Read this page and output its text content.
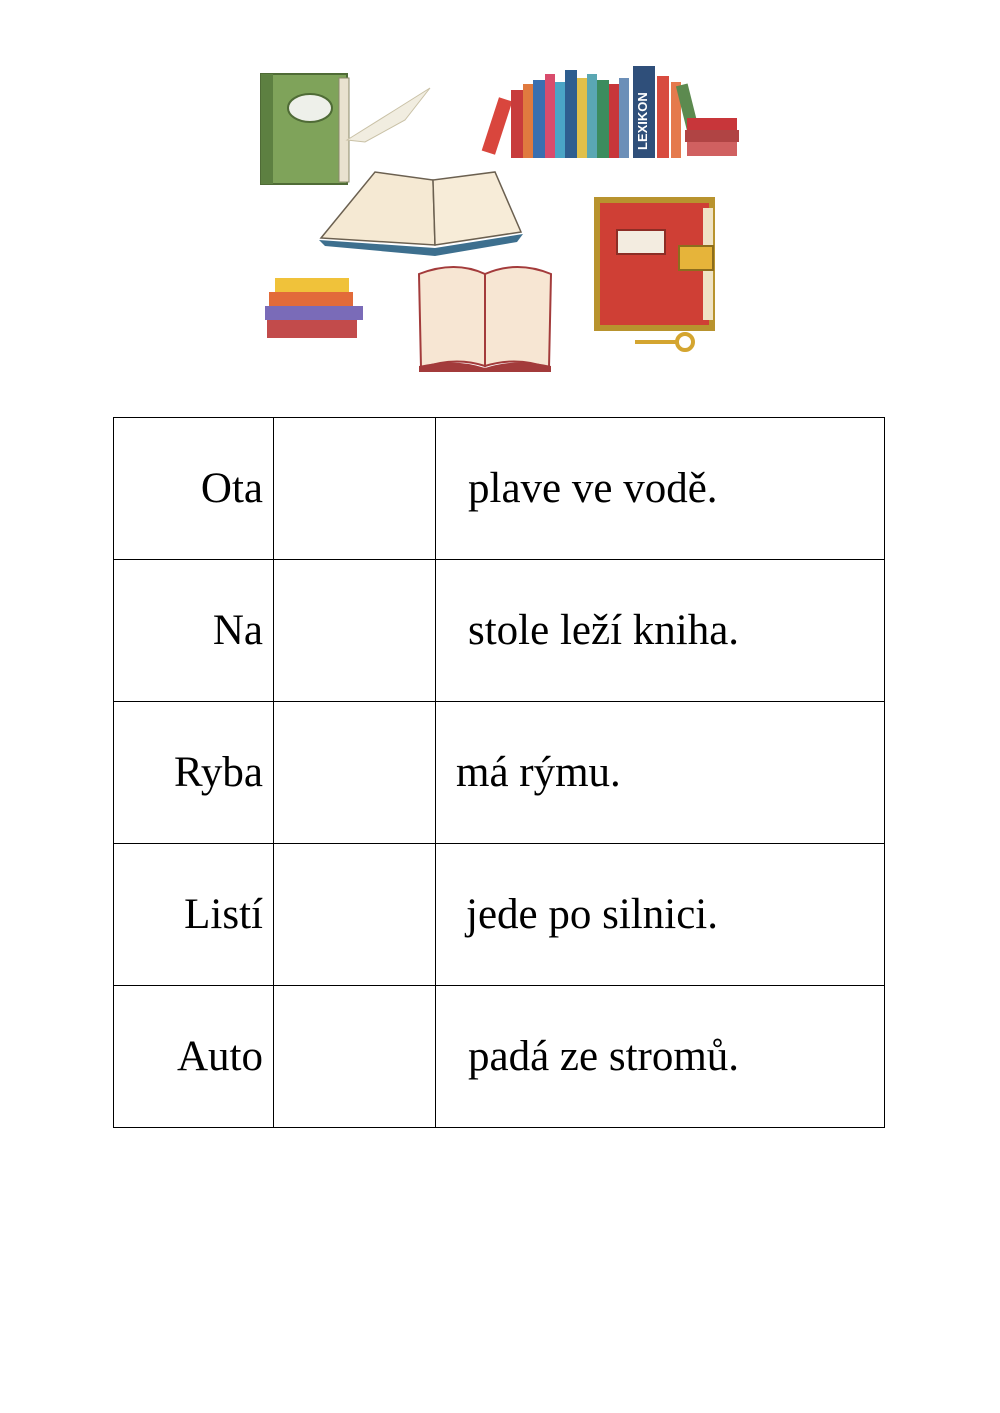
LEXIKON
Ota		plave ve vodě.
Na		stole leží kniha.
Ryba		má rýmu.
Listí		jede po silnici.
Auto		padá ze stromů.
